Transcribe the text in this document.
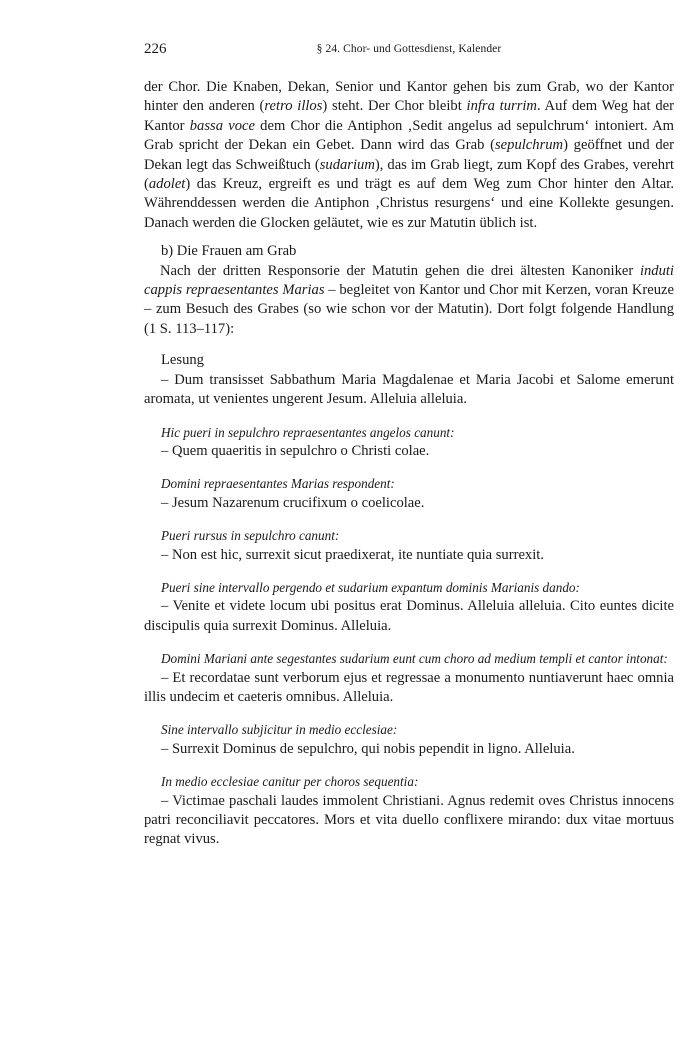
226	§ 24. Chor- und Gottesdienst, Kalender

der Chor. Die Knaben, Dekan, Senior und Kantor gehen bis zum Grab, wo der Kantor hinter den anderen (retro illos) steht. Der Chor bleibt infra turrim. Auf dem Weg hat der Kantor bassa voce dem Chor die Antiphon ‚Sedit angelus ad sepulchrum‘ intoniert. Am Grab spricht der Dekan ein Gebet. Dann wird das Grab (sepulchrum) geöffnet und der Dekan legt das Schweißtuch (sudarium), das im Grab liegt, zum Kopf des Grabes, verehrt (adolet) das Kreuz, ergreift es und trägt es auf dem Weg zum Chor hinter den Altar. Währenddessen werden die Antiphon ‚Christus resurgens‘ und eine Kollekte gesungen. Danach werden die Glocken geläutet, wie es zur Matutin üblich ist.

b) Die Frauen am Grab

Nach der dritten Responsorie der Matutin gehen die drei ältesten Kanoniker induti cappis repraesentantes Marias – begleitet von Kantor und Chor mit Kerzen, voran Kreuze – zum Besuch des Grabes (so wie schon vor der Matutin). Dort folgt folgende Handlung (1 S. 113–117):

Lesung

– Dum transisset Sabbathum Maria Magdalenae et Maria Jacobi et Salome emerunt aromata, ut venientes ungerent Jesum. Alleluia alleluia.

Hic pueri in sepulchro repraesentantes angelos canunt:

– Quem quaeritis in sepulchro o Christi colae.

Domini repraesentantes Marias respondent:

– Jesum Nazarenum crucifixum o coelicolae.

Pueri rursus in sepulchro canunt:

– Non est hic, surrexit sicut praedixerat, ite nuntiate quia surrexit.

Pueri sine intervallo pergendo et sudarium expantum dominis Marianis dando:

– Venite et videte locum ubi positus erat Dominus. Alleluia alleluia. Cito euntes dicite discipulis quia surrexit Dominus. Alleluia.

Domini Mariani ante segestantes sudarium eunt cum choro ad medium templi et cantor intonat:

– Et recordatae sunt verborum ejus et regressae a monumento nuntiaverunt haec omnia illis undecim et caeteris omnibus. Alleluia.

Sine intervallo subjicitur in medio ecclesiae:

– Surrexit Dominus de sepulchro, qui nobis pependit in ligno. Alleluia.

In medio ecclesiae canitur per choros sequentia:

– Victimae paschali laudes immolent Christiani. Agnus redemit oves Christus innocens patri reconciliavit peccatores. Mors et vita duello conflixere mirando: dux vitae mortuus regnat vivus.
